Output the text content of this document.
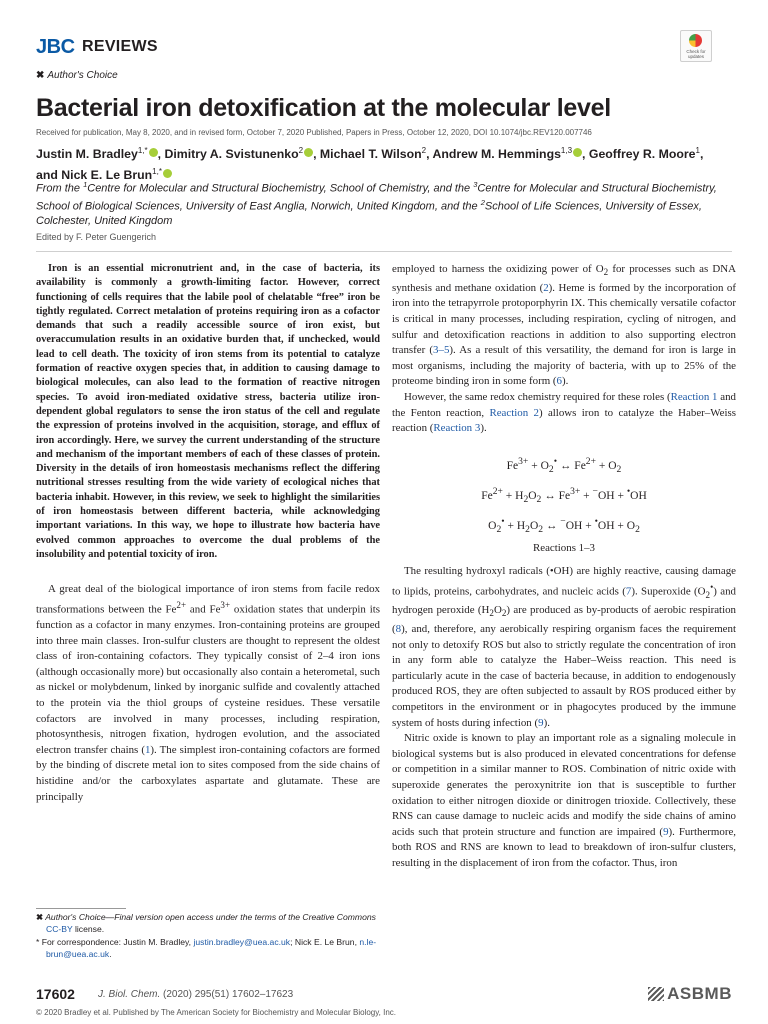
JBC REVIEWS	Check for updates
✖ Author's Choice
Bacterial iron detoxification at the molecular level
Received for publication, May 8, 2020, and in revised form, October 7, 2020 Published, Papers in Press, October 12, 2020, DOI 10.1074/jbc.REV120.007746
Justin M. Bradley$^{1,*}$ , Dimitry A. Svistunenko$^2$ , Michael T. Wilson$^2$, Andrew M. Hemmings$^{1,3}$ , Geoffrey R. Moore$^1$,
and Nick E. Le Brun$^{1,*}$
From the $^1$Centre for Molecular and Structural Biochemistry, School of Chemistry, and the $^3$Centre for Molecular and Structural Biochemistry, School of Biological Sciences, University of East Anglia, Norwich, United Kingdom, and the $^2$School of Life Sciences, University of Essex, Colchester, United Kingdom
Edited by F. Peter Guengerich

Iron is an essential micronutrient and, in the case of bacteria, its availability is commonly a growth-limiting factor. However, correct functioning of cells requires that the labile pool of chelatable “free” iron be tightly regulated. Correct metalation of proteins requiring iron as a cofactor demands that such a readily accessible source of iron exist, but overaccumulation results in an oxidative burden that, if unchecked, would lead to cell death. The toxicity of iron stems from its potential to catalyze formation of reactive oxygen species that, in addition to causing damage to biological molecules, can also lead to the formation of reactive nitrogen species. To avoid iron-mediated oxidative stress, bacteria utilize iron-dependent global regulators to sense the iron status of the cell and regulate the expression of proteins involved in the acquisition, storage, and efflux of iron accordingly. Here, we survey the current understanding of the structure and mechanism of the important members of each of these classes of protein. Diversity in the details of iron homeostasis mechanisms reflect the differing nutritional stresses resulting from the wide variety of ecological niches that bacteria inhabit. However, in this review, we seek to highlight the similarities of iron homeostasis between different bacteria, while acknowledging important variations. In this way, we hope to illustrate how bacteria have evolved common approaches to overcome the dual problems of the insolubility and potential toxicity of iron.

A great deal of the biological importance of iron stems from facile redox transformations between the $Fe^{2+}$ and $Fe^{3+}$ oxidation states that underpin its function as a cofactor in many enzymes. Iron-containing proteins are grouped into three main classes. Iron-sulfur clusters are thought to represent the oldest class of iron-containing cofactors. They typically consist of 2–4 iron ions (although occasionally more) but occasionally also contain a heterometal, such as nickel or molybdenum, linked by inorganic sulfide and covalently attached to the protein via the thiol groups of cysteine residues. These versatile cofactors are involved in many processes, including respiration, photosynthesis, nitrogen fixation, hydrogen evolution, and the associated electron transfer chains (1). The simplest iron-containing cofactors are formed by the binding of discrete metal ion to sites composed from the side chains of histidine and/or the carboxylates aspartate and glutamate. These are principally

✖ Author's Choice—Final version open access under the terms of the Creative Commons CC-BY license.

* For correspondence: Justin M. Bradley, justin.bradley@uea.ac.uk; Nick E. Le Brun, n.le-brun@uea.ac.uk.

employed to harness the oxidizing power of $O_2$ for processes such as DNA synthesis and methane oxidation (2). Heme is formed by the incorporation of iron into the tetrapyrrole protoporphyrin IX. This chemically versatile cofactor is critical in many processes, including respiration, cycling of nitrogen, and sulfur and detoxification reactions in addition to also supporting electron transfer (3–5). As a result of this versatility, the demand for iron is large in most organisms, including the majority of bacteria, with up to 25% of the proteome binding iron in some form (6).

However, the same redox chemistry required for these roles (Reaction 1 and the Fenton reaction, Reaction 2) allows iron to catalyze the Haber–Weiss reaction (Reaction 3).

$Fe^{3+} + O_2^•$ ↔ $Fe^{2+} + O_2$
$Fe^{2+} + H_2O_2$ ↔ $Fe^{3+} + ^-OH + ^•OH$
$O_2^• + H_2O_2$ ↔ $^-OH + ^•OH + O_2$
Reactions 1–3

The resulting hydroxyl radicals (•OH) are highly reactive, causing damage to lipids, proteins, carbohydrates, and nucleic acids (7). Superoxide $(O_2^•)$ and hydrogen peroxide $(H_2O_2)$ are produced as by-products of aerobic respiration (8), and, therefore, any aerobically respiring organism faces the requirement not only to detoxify ROS but also to strictly regulate the concentration of iron in any form able to catalyze the Haber–Weiss reaction. This need is particularly acute in the case of bacteria because, in addition to endogenously produced ROS, they are often subjected to assault by ROS produced either by competitors in the environment or in phagocytes produced by the immune system of hosts during infection (9).

Nitric oxide is known to play an important role as a signaling molecule in biological systems but is also produced in elevated concentrations for defense or competition in a similar manner to ROS. Combination of nitric oxide with superoxide generates the peroxynitrite ion that is susceptible to further oxidation to either nitrogen dioxide or dinitrogen trioxide. Collectively, these RNS can cause damage to nucleic acids and modify the side chains of amino acids such that protein structure and function are impaired (9). Furthermore, both ROS and RNS are known to lead to breakdown of iron-sulfur clusters, resulting in the displacement of iron from the cofactor. Thus, iron

17602 J. Biol. Chem. (2020) 295(51) 17602–17623	ASBMB
© 2020 Bradley et al. Published by The American Society for Biochemistry and Molecular Biology, Inc.
